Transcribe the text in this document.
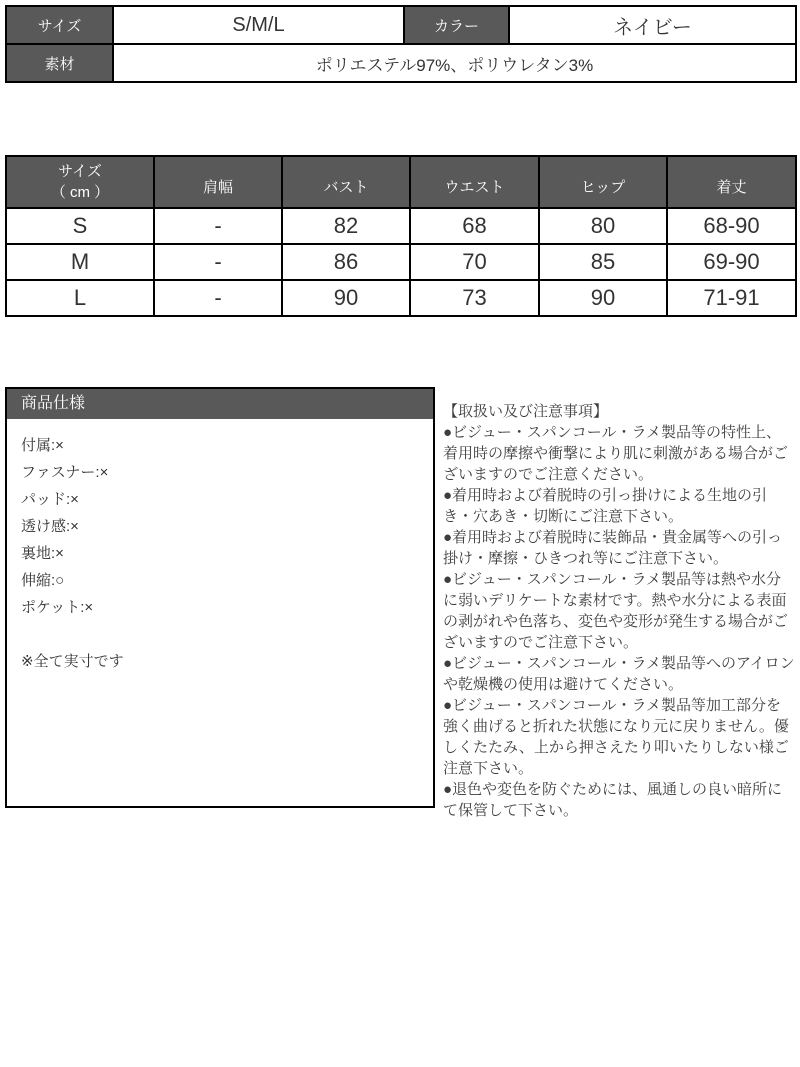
サイズ	S/M/L	カラー	ネイビー
素材	ポリエステル97%、ポリウレタン3%		
サイズ
（ cm ）	肩幅	バスト	ウエスト	ヒップ	着丈
S	-	82	68	80	68-90
M	-	86	70	85	69-90
L	-	90	73	90	71-91
商品仕様
付属:×
ファスナー:×
パッド:×
透け感:×
裏地:×
伸縮:○
ポケット:×
※全て実寸です

【取扱い及び注意事項】

●ビジュー・スパンコール・ラメ製品等の特性上、着用時の摩擦や衝撃により肌に刺激がある場合がございますのでご注意ください。

●着用時および着脱時の引っ掛けによる生地の引き・穴あき・切断にご注意下さい。

●着用時および着脱時に装飾品・貴金属等への引っ掛け・摩擦・ひきつれ等にご注意下さい。

●ビジュー・スパンコール・ラメ製品等は熱や水分に弱いデリケートな素材です。熱や水分による表面の剥がれや色落ち、変色や変形が発生する場合がございますのでご注意下さい。

●ビジュー・スパンコール・ラメ製品等へのアイロンや乾燥機の使用は避けてください。

●ビジュー・スパンコール・ラメ製品等加工部分を強く曲げると折れた状態になり元に戻りません。優しくたたみ、上から押さえたり叩いたりしない様ご注意下さい。

●退色や変色を防ぐためには、風通しの良い暗所にて保管して下さい。
